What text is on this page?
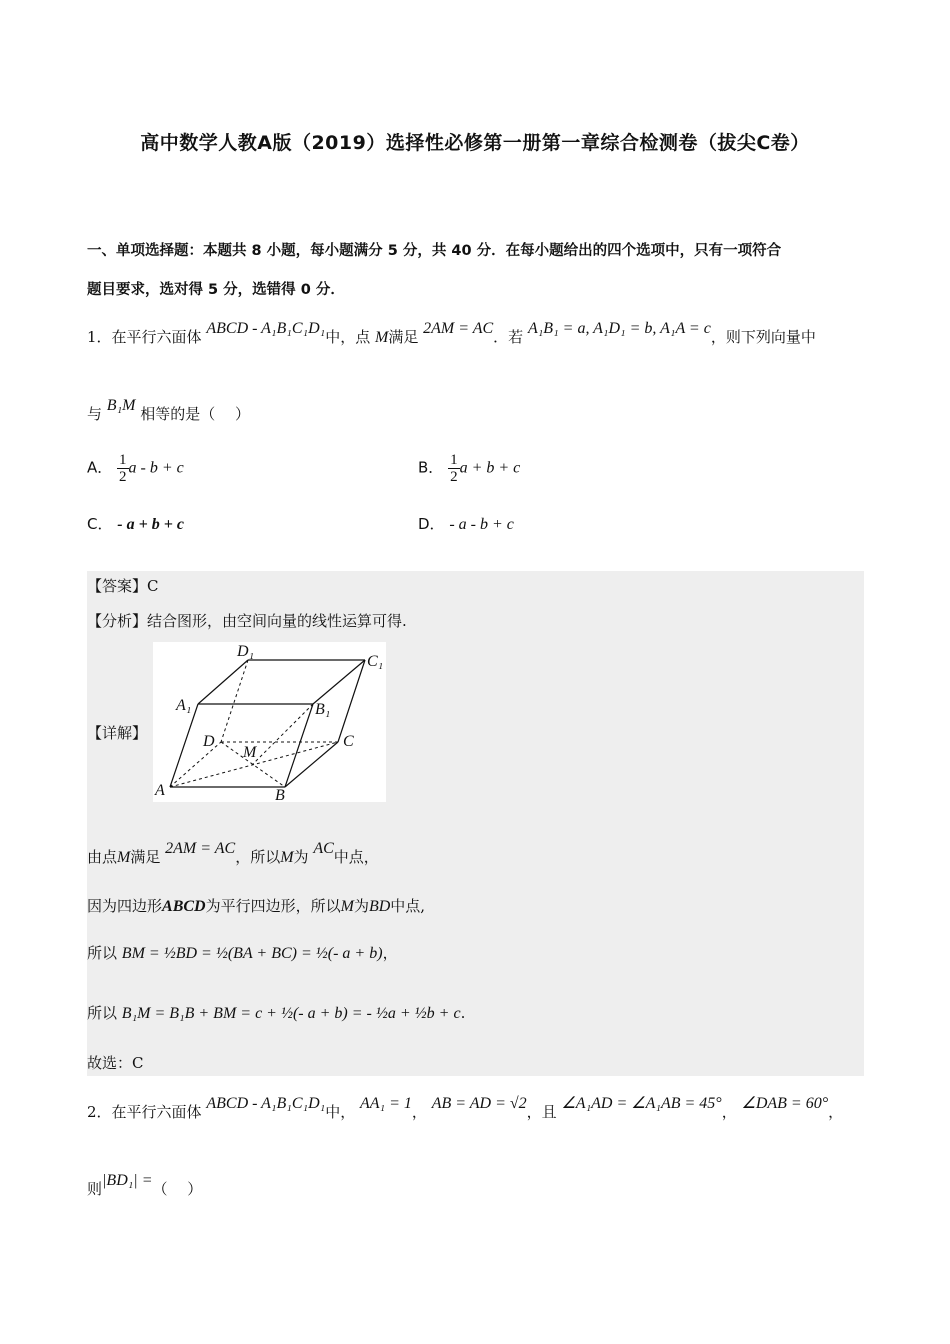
高中数学人教A版（2019）选择性必修第一册第一章综合检测卷（拔尖C卷）
一、单项选择题：本题共 8 小题，每小题满分 5 分，共 40 分．在每小题给出的四个选项中，只有一项符合
题目要求，选对得 5 分，选错得 0 分．
1．在平行六面体 ABCD - A₁B₁C₁D₁中，点 M满足 2AM = AC．若 A₁B₁ = a, A₁D₁ = b, A₁A = c，则下列向量中
与 B₁M 相等的是（　 ）
A． $\frac{1}{2}$ a - b + c	B． $\frac{1}{2}$ a + b + c
C． - a + b + c	D． - a - b + c
【答案】C
【分析】结合图形，由空间向量的线性运算可得.
【详解】
D₁
C₁
A₁	B₁
D
M
C
A	B
由点M满足 2AM = AC，所以M为 AC中点，
因为四边形ABCD为平行四边形，所以M为BD中点,
所以 BM = ½BD = ½(BA + BC) = ½(- a + b)，
所以 B₁M = B₁B + BM = c + ½(- a + b) = - ½a + ½b + c.
故选：C
2．在平行六面体 ABCD - A₁B₁C₁D₁中， AA₁ = 1， AB = AD = √2，且 ∠A₁AD = ∠A₁AB = 45°， ∠DAB = 60°，
则|BD₁| =（　 ）
